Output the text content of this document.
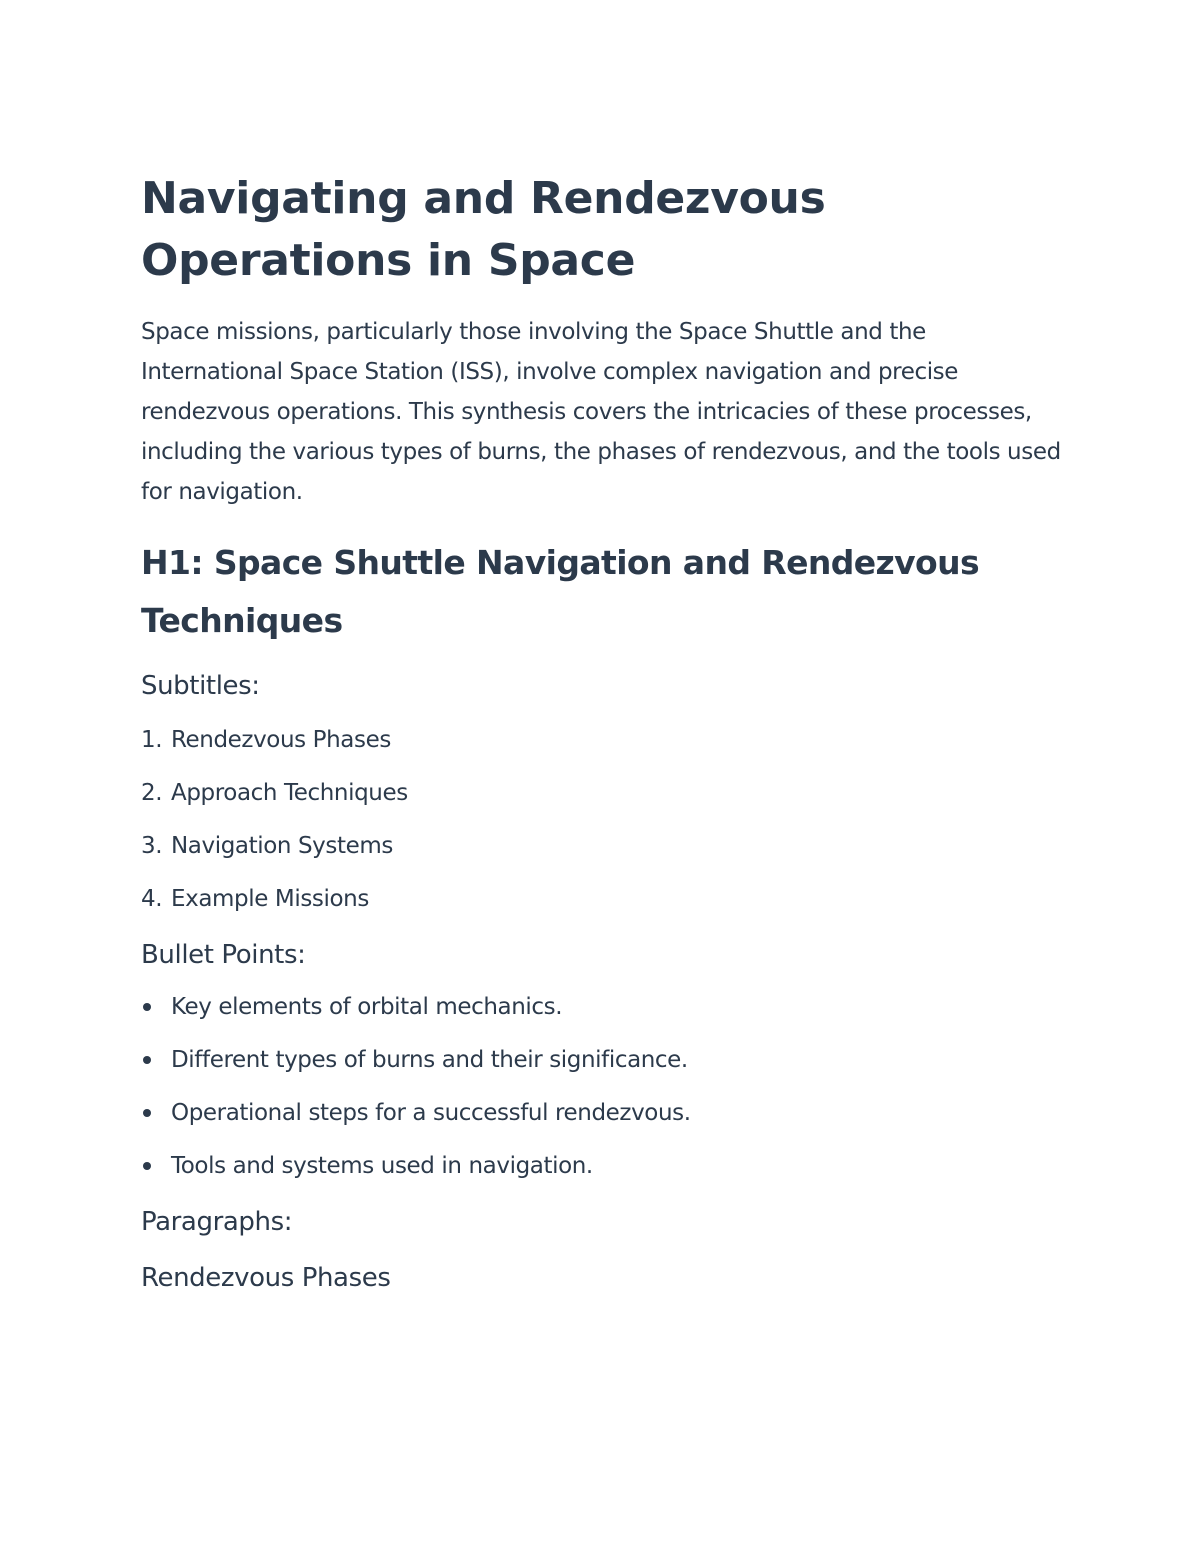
Navigating and Rendezvous Operations in Space

Space missions, particularly those involving the Space Shuttle and the International Space Station (ISS), involve complex navigation and precise rendezvous operations. This synthesis covers the intricacies of these processes, including the various types of burns, the phases of rendezvous, and the tools used for navigation.

H1: Space Shuttle Navigation and Rendezvous Techniques
Subtitles:
1. Rendezvous Phases
2. Approach Techniques
3. Navigation Systems
4. Example Missions
Bullet Points:
Key elements of orbital mechanics.
Different types of burns and their significance.
Operational steps for a successful rendezvous.
Tools and systems used in navigation.
Paragraphs:
Rendezvous Phases
